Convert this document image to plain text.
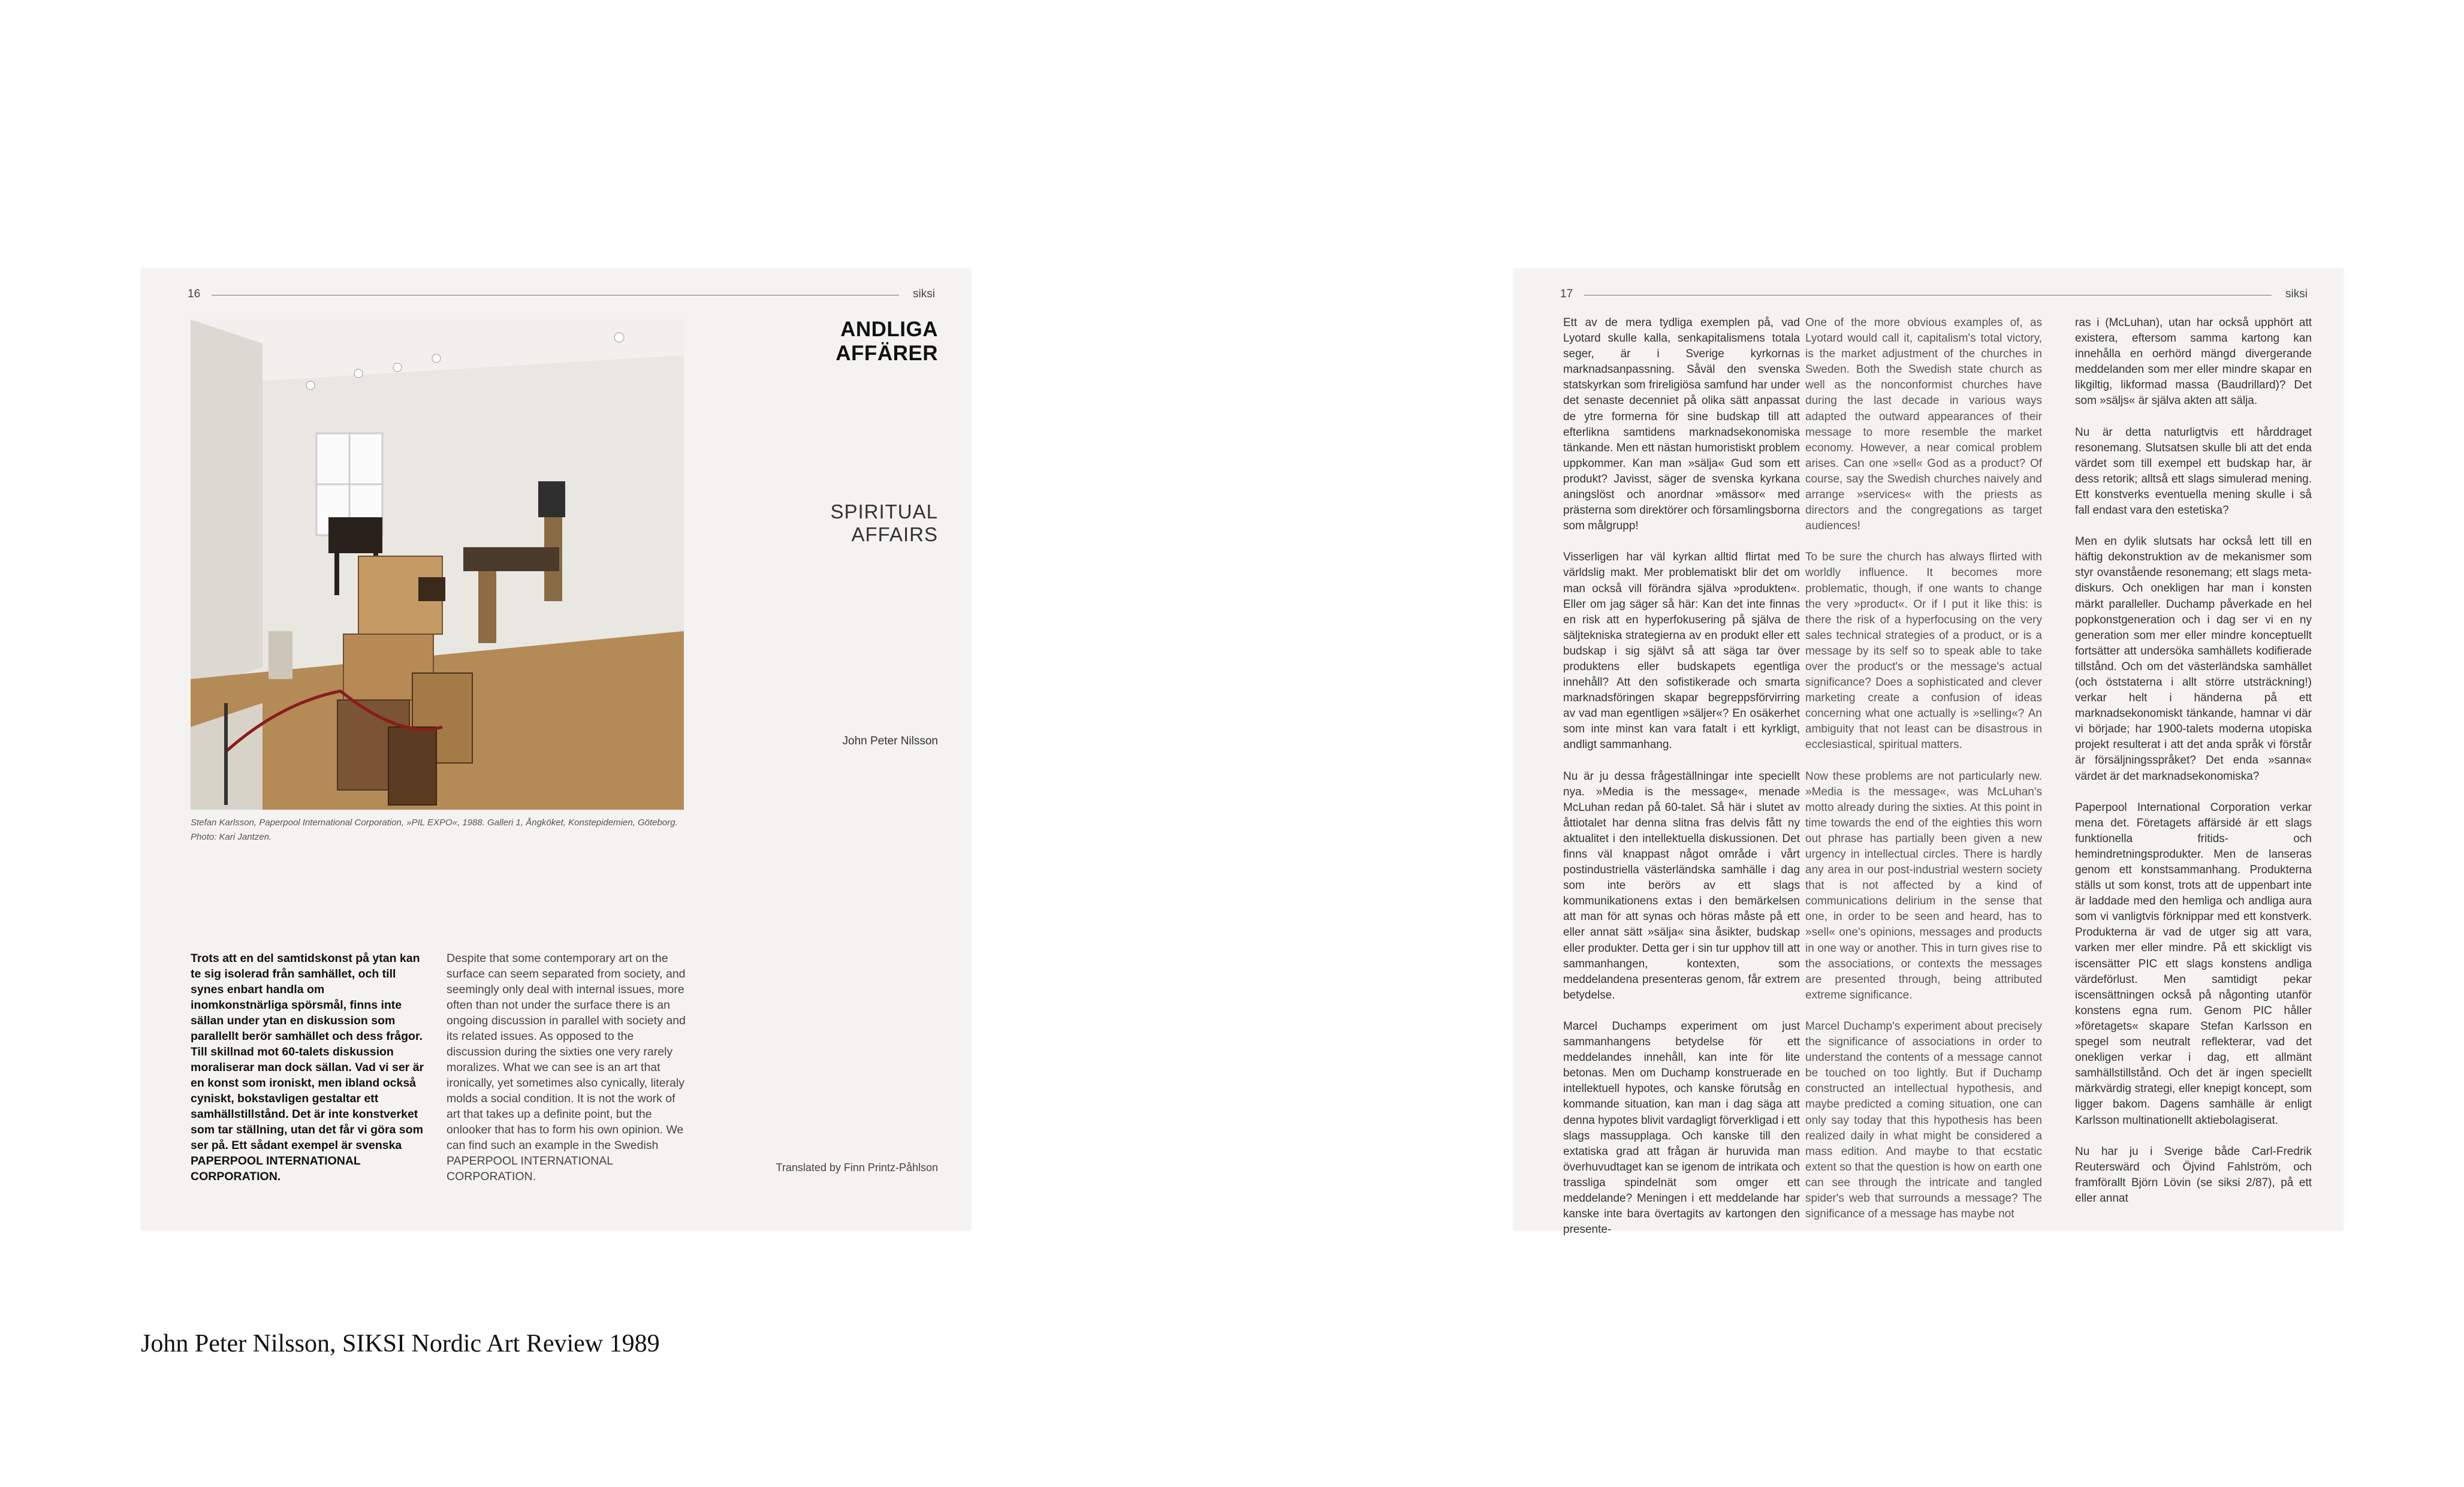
16	siksi
Stefan Karlsson, Paperpool International Corporation, »PIL EXPO«, 1988. Galleri 1, Ångköket, Konstepidemien, Göteborg. Photo: Kari Jantzen.
ANDLIGA AFFÄRER
SPIRITUAL AFFAIRS
John Peter Nilsson
Trots att en del samtidskonst på ytan kan te sig isolerad från samhället, och till synes enbart handla om inomkonstnärliga spörsmål, finns inte sällan under ytan en diskussion som parallellt berör samhället och dess frågor. Till skillnad mot 60-talets diskussion moraliserar man dock sällan. Vad vi ser är en konst som ironiskt, men ibland också cyniskt, bokstavligen gestaltar ett samhällstillstånd. Det är inte konstverket som tar ställning, utan det får vi göra som ser på. Ett sådant exempel är svenska PAPERPOOL INTERNATIONAL CORPORATION.
Despite that some contemporary art on the surface can seem separated from society, and seemingly only deal with internal issues, more often than not under the surface there is an ongoing discussion in parallel with society and its related issues. As opposed to the discussion during the sixties one very rarely moralizes. What we can see is an art that ironically, yet sometimes also cynically, literaly molds a social condition. It is not the work of art that takes up a definite point, but the onlooker that has to form his own opinion. We can find such an example in the Swedish PAPERPOOL INTERNATIONAL CORPORATION.
Translated by Finn Printz-Påhlson
17	siksi

Ett av de mera tydliga exemplen på, vad Lyotard skulle kalla, senkapitalismens totala seger, är i Sverige kyrkornas marknadsanpassning. Såväl den svenska statskyrkan som frireligiösa samfund har under det senaste decenniet på olika sätt anpassat de ytre formerna för sine budskap till att efterlikna samtidens marknadsekonomiska tänkande. Men ett nästan humoristiskt problem uppkommer. Kan man »sälja« Gud som ett produkt? Javisst, säger de svenska kyrkana aningslöst och anordnar »mässor« med prästerna som direktörer och församlingsborna som målgrupp!

Visserligen har väl kyrkan alltid flirtat med världslig makt. Mer problematiskt blir det om man också vill förändra själva »produkten«. Eller om jag säger så här: Kan det inte finnas en risk att en hyperfokusering på själva de säljtekniska strategierna av en produkt eller ett budskap i sig självt så att säga tar över produktens eller budskapets egentliga innehåll? Att den sofistikerade och smarta marknadsföringen skapar begreppsförvirring av vad man egentligen »säljer«? En osäkerhet som inte minst kan vara fatalt i ett kyrkligt, andligt sammanhang.

Nu är ju dessa frågeställningar inte speciellt nya. »Media is the message«, menade McLuhan redan på 60-talet. Så här i slutet av åttiotalet har denna slitna fras delvis fått ny aktualitet i den intellektuella diskussionen. Det finns väl knappast något område i vårt postindustriella västerländska samhälle i dag som inte berörs av ett slags kommunikationens extas i den bemärkelsen att man för att synas och höras måste på ett eller annat sätt »sälja« sina åsikter, budskap eller produkter. Detta ger i sin tur upphov till att sammanhangen, kontexten, som meddelandena presenteras genom, får extrem betydelse.

Marcel Duchamps experiment om just sammanhangens betydelse för ett meddelandes innehåll, kan inte för lite betonas. Men om Duchamp konstruerade en intellektuell hypotes, och kanske förutsåg en kommande situation, kan man i dag säga att denna hypotes blivit vardagligt förverkligad i ett slags massupplaga. Och kanske till den extatiska grad att frågan är huruvida man överhuvudtaget kan se igenom de intrikata och trassliga spindelnät som omger ett meddelande? Meningen i ett meddelande har kanske inte bara övertagits av kartongen den presente-

One of the more obvious examples of, as Lyotard would call it, capitalism's total victory, is the market adjustment of the churches in Sweden. Both the Swedish state church as well as the nonconformist churches have during the last decade in various ways adapted the outward appearances of their message to more resemble the market economy. However, a near comical problem arises. Can one »sell« God as a product? Of course, say the Swedish churches naively and arrange »services« with the priests as directors and the congregations as target audiences!

To be sure the church has always flirted with worldly influence. It becomes more problematic, though, if one wants to change the very »product«. Or if I put it like this: is there the risk of a hyperfocusing on the very sales technical strategies of a product, or is a message by its self so to speak able to take over the product's or the message's actual significance? Does a sophisticated and clever marketing create a confusion of ideas concerning what one actually is »selling«? An ambiguity that not least can be disastrous in ecclesiastical, spiritual matters.

Now these problems are not particularly new. »Media is the message«, was McLuhan's motto already during the sixties. At this point in time towards the end of the eighties this worn out phrase has partially been given a new urgency in intellectual circles. There is hardly any area in our post-industrial western society that is not affected by a kind of communications delirium in the sense that one, in order to be seen and heard, has to »sell« one's opinions, messages and products in one way or another. This in turn gives rise to the associations, or contexts the messages are presented through, being attributed extreme significance.

Marcel Duchamp's experiment about precisely the significance of associations in order to understand the contents of a message cannot be touched on too lightly. But if Duchamp constructed an intellectual hypothesis, and maybe predicted a coming situation, one can only say today that this hypothesis has been realized daily in what might be considered a mass edition. And maybe to that ecstatic extent so that the question is how on earth one can see through the intricate and tangled spider's web that surrounds a message? The significance of a message has maybe not

ras i (McLuhan), utan har också upphört att existera, eftersom samma kartong kan innehålla en oerhörd mängd divergerande meddelanden som mer eller mindre skapar en likgiltig, likformad massa (Baudrillard)? Det som »säljs« är själva akten att sälja.

Nu är detta naturligtvis ett hårddraget resonemang. Slutsatsen skulle bli att det enda värdet som till exempel ett budskap har, är dess retorik; alltså ett slags simulerad mening. Ett konstverks eventuella mening skulle i så fall endast vara den estetiska?

Men en dylik slutsats har också lett till en häftig dekonstruktion av de mekanismer som styr ovanstående resonemang; ett slags meta-diskurs. Och onekligen har man i konsten märkt paralleller. Duchamp påverkade en hel popkonstgeneration och i dag ser vi en ny generation som mer eller mindre konceptuellt fortsätter att undersöka samhällets kodifierade tillstånd. Och om det västerländska samhället (och öststaterna i allt större utsträckning!) verkar helt i händerna på ett marknadsekonomiskt tänkande, hamnar vi där vi började; har 1900-talets moderna utopiska projekt resulterat i att det anda språk vi förstår är försäljningsspråket? Det enda »sanna« värdet är det marknadsekonomiska?

Paperpool International Corporation verkar mena det. Företagets affärsidé är ett slags funktionella fritids- och hemindretningsprodukter. Men de lanseras genom ett konstsammanhang. Produkterna ställs ut som konst, trots att de uppenbart inte är laddade med den hemliga och andliga aura som vi vanligtvis förknippar med ett konstverk. Produkterna är vad de utger sig att vara, varken mer eller mindre. På ett skickligt vis iscensätter PIC ett slags konstens andliga värdeförlust. Men samtidigt pekar iscensättningen också på någonting utanför konstens egna rum. Genom PIC håller »företagets« skapare Stefan Karlsson en spegel som neutralt reflekterar, vad det onekligen verkar i dag, ett allmänt samhällstillstånd. Och det är ingen speciellt märkvärdig strategi, eller knepigt koncept, som ligger bakom. Dagens samhälle är enligt Karlsson multinationellt aktiebolagiserat.

Nu har ju i Sverige både Carl-Fredrik Reuterswärd och Öjvind Fahlström, och framförallt Björn Lövin (se siksi 2/87), på ett eller annat

John Peter Nilsson, SIKSI Nordic Art Review 1989
